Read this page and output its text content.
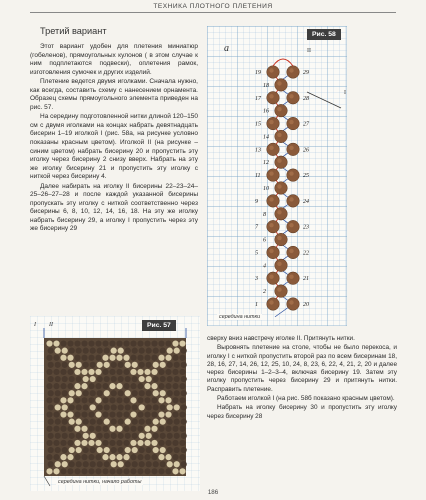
ТЕХНИКА ПЛОТНОГО ПЛЕТЕНИЯ
Третий вариант

Этот вариант удобен для плетения миниатюр (гобеленов), прямоугольных кулонов ( в этом случае к ним подплетаются подвески), оплетения рамок, изготовления сумочек и других изделий.

Плетение ведется двумя иголками. Сначала нужно, как всегда, составить схему с нанесением орнамента. Образец схемы прямоугольного элемента приведен на рис. 57.

На середину подготовленной нитки длиной 120–150 см с двумя иголками на концах набрать девятнадцать бисерин 1–19 иголкой I (рис. 58а, на рисунке условно показаны красным цветом). Иголкой II (на рисунке – синим цветом) набрать бисерину 20 и пропустить эту иголку через бисерину 2 снизу вверх. Набрать на эту же иголку бисерину 21 и пропустить эту иголку с ниткой через бисерину 4.

Далее набирать на иголку II бисерины 22–23–24–25–26–27–28 и после каждой указанной бисерины пропускать эту иголку с ниткой соответственно через бисерины 6, 8, 10, 12, 14, 16, 18. На эту же иголку набрать бисерину 29, а иголку I пропустить через эту же бисерину 29

19
18
17
16
15
14
13
12
11
10
9
8
7
6
5
4
3
2
1
29
28
27
26
25
24
23
22
21
20
Рис. 58
а	II
I
середина нитки
Рис. 57
I II
середина нитки, начало работы

сверху вниз навстречу иголке II. Притянуть нитки.

Выровнять плетение на столе, чтобы не было перекоса, и иголку I с ниткой пропустить второй раз по всем бисеринам 18, 28, 16, 27, 14, 26, 12, 25, 10, 24, 8, 23, 6, 22, 4, 21, 2, 20 и далее через бисерины 1–2–3–4, включая бисерину 19. Затем эту иголку пропустить через бисерину 29 и притянуть нитки. Расправить плетение.

Работаем иголкой I (на рис. 58б показано красным цветом).

Набрать на иголку бисерину 30 и пропустить эту иголку через бисерину 28

186
